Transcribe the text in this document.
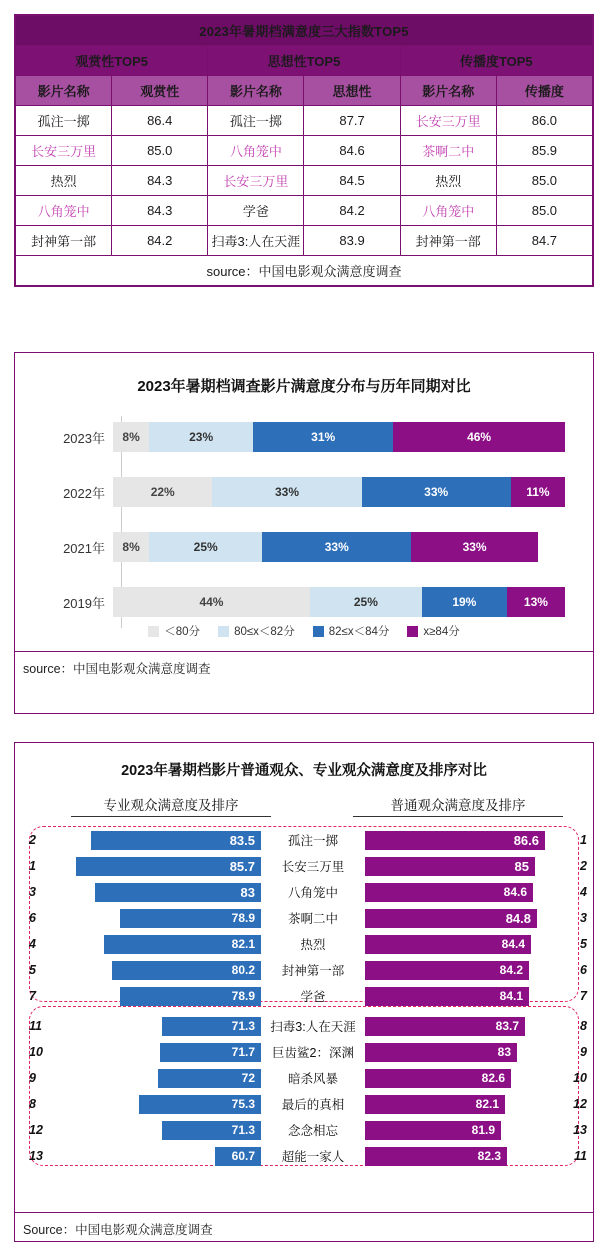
2023年暑期档满意度三大指数TOP5					
观赏性TOP5		思想性TOP5		传播度TOP5	
影片名称	观赏性	影片名称	思想性	影片名称	传播度
孤注一掷	86.4	孤注一掷	87.7	长安三万里	86.0
长安三万里	85.0	八角笼中	84.6	茶啊二中	85.9
热烈	84.3	长安三万里	84.5	热烈	85.0
八角笼中	84.3	学爸	84.2	八角笼中	85.0
封神第一部	84.2	扫毒3:人在天涯	83.9	封神第一部	84.7
source：中国电影观众满意度调查					
2023年暑期档调查影片满意度分布与历年同期对比
2023年	8%	23%	31%	46%
2022年	22%	33%	33%	11%
2021年	8%	25%	33%	33%
2019年	44%	25%	19%	13%
＜80分	80≤x＜82分	82≤x＜84分	x≥84分
source：中国电影观众满意度调查
2023年暑期档影片普通观众、专业观众满意度及排序对比
专业观众满意度及排序	普通观众满意度及排序
2	83.5	孤注一掷	86.6	1
1	85.7	长安三万里	85	2
3	83	八角笼中	84.6	4
6	78.9	茶啊二中	84.8	3
4	82.1	热烈	84.4	5
5	80.2	封神第一部	84.2	6
7	78.9	学爸	84.1	7
11	71.3	扫毒3:人在天涯	83.7	8
10	71.7	巨齿鲨2：深渊	83	9
9	72	暗杀风暴	82.6	10
8	75.3	最后的真相	82.1	12
12	71.3	念念相忘	81.9	13
13	60.7	超能一家人	82.3	11
Source：中国电影观众满意度调查
